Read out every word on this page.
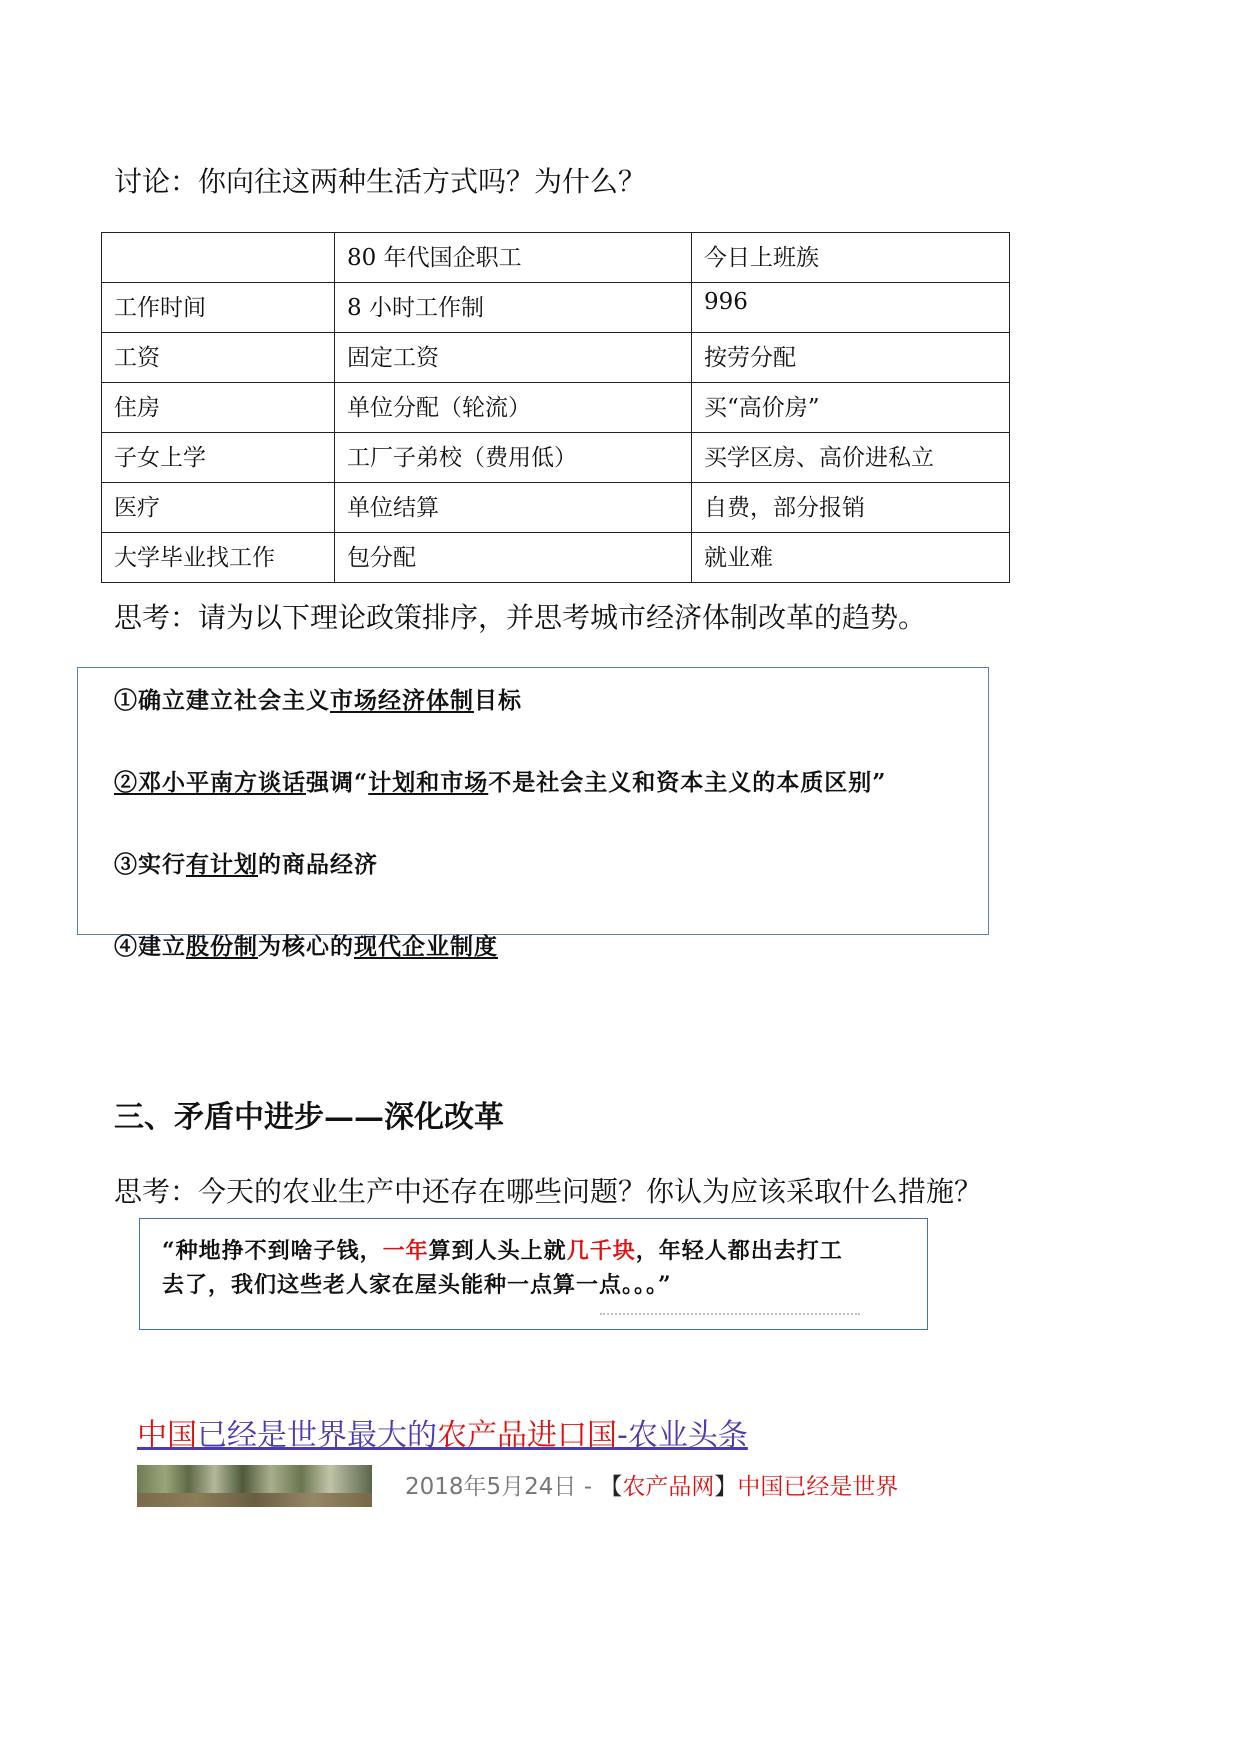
讨论：你向往这两种生活方式吗？为什么？
	80 年代国企职工	今日上班族
工作时间	8 小时工作制	996
工资	固定工资	按劳分配
住房	单位分配（轮流）	买“高价房”
子女上学	工厂子弟校（费用低）	买学区房、高价进私立
医疗	单位结算	自费，部分报销
大学毕业找工作	包分配	就业难
思考：请为以下理论政策排序，并思考城市经济体制改革的趋势。
①确立建立社会主义市场经济体制目标
②邓小平南方谈话强调“计划和市场不是社会主义和资本主义的本质区别”
③实行有计划的商品经济
④建立股份制为核心的现代企业制度
三、矛盾中进步——深化改革
思考：今天的农业生产中还存在哪些问题？你认为应该采取什么措施？
“种地挣不到啥子钱，一年算到人头上就几千块，年轻人都出去打工
去了，我们这些老人家在屋头能种一点算一点。。。”
中国已经是世界最大的农产品进口国-农业头条
2018年5月24日 - 【农产品网】中国已经是世界
